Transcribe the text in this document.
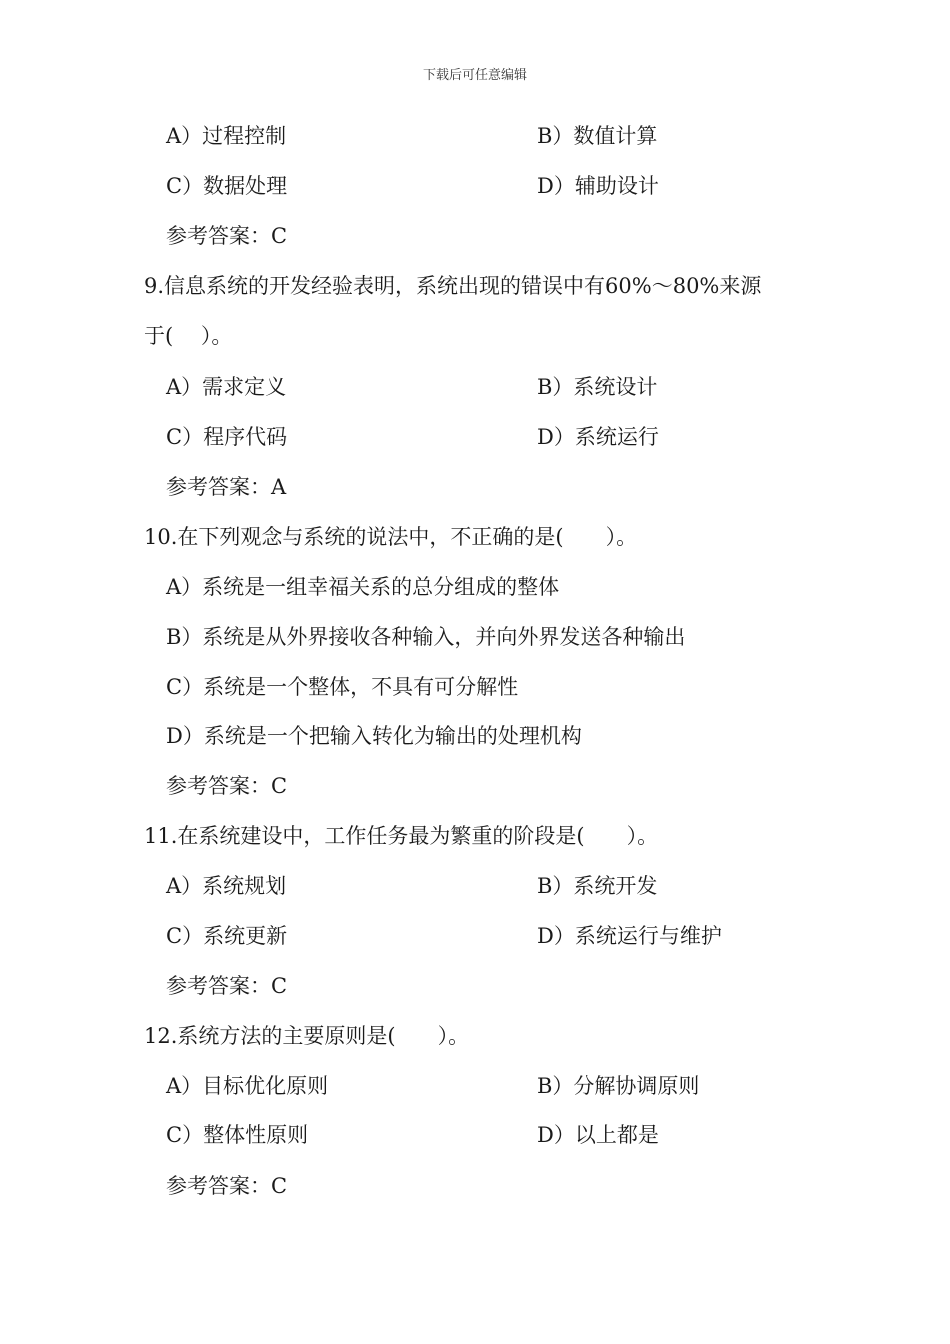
下载后可任意编辑
A）过程控制	B）数值计算
C）数据处理	D）辅助设计
参考答案：C
9.信息系统的开发经验表明，系统出现的错误中有60%～80%来源
于(　 ）。
A）需求定义	B）系统设计
C）程序代码	D）系统运行
参考答案：A
10.在下列观念与系统的说法中，不正确的是(　　）。
A）系统是一组幸福关系的总分组成的整体
B）系统是从外界接收各种输入，并向外界发送各种输出
C）系统是一个整体，不具有可分解性
D）系统是一个把输入转化为输出的处理机构
参考答案：C
11.在系统建设中，工作任务最为繁重的阶段是(　　）。
A）系统规划	B）系统开发
C）系统更新	D）系统运行与维护
参考答案：C
12.系统方法的主要原则是(　　）。
A）目标优化原则	B）分解协调原则
C）整体性原则	D）以上都是
参考答案：C
